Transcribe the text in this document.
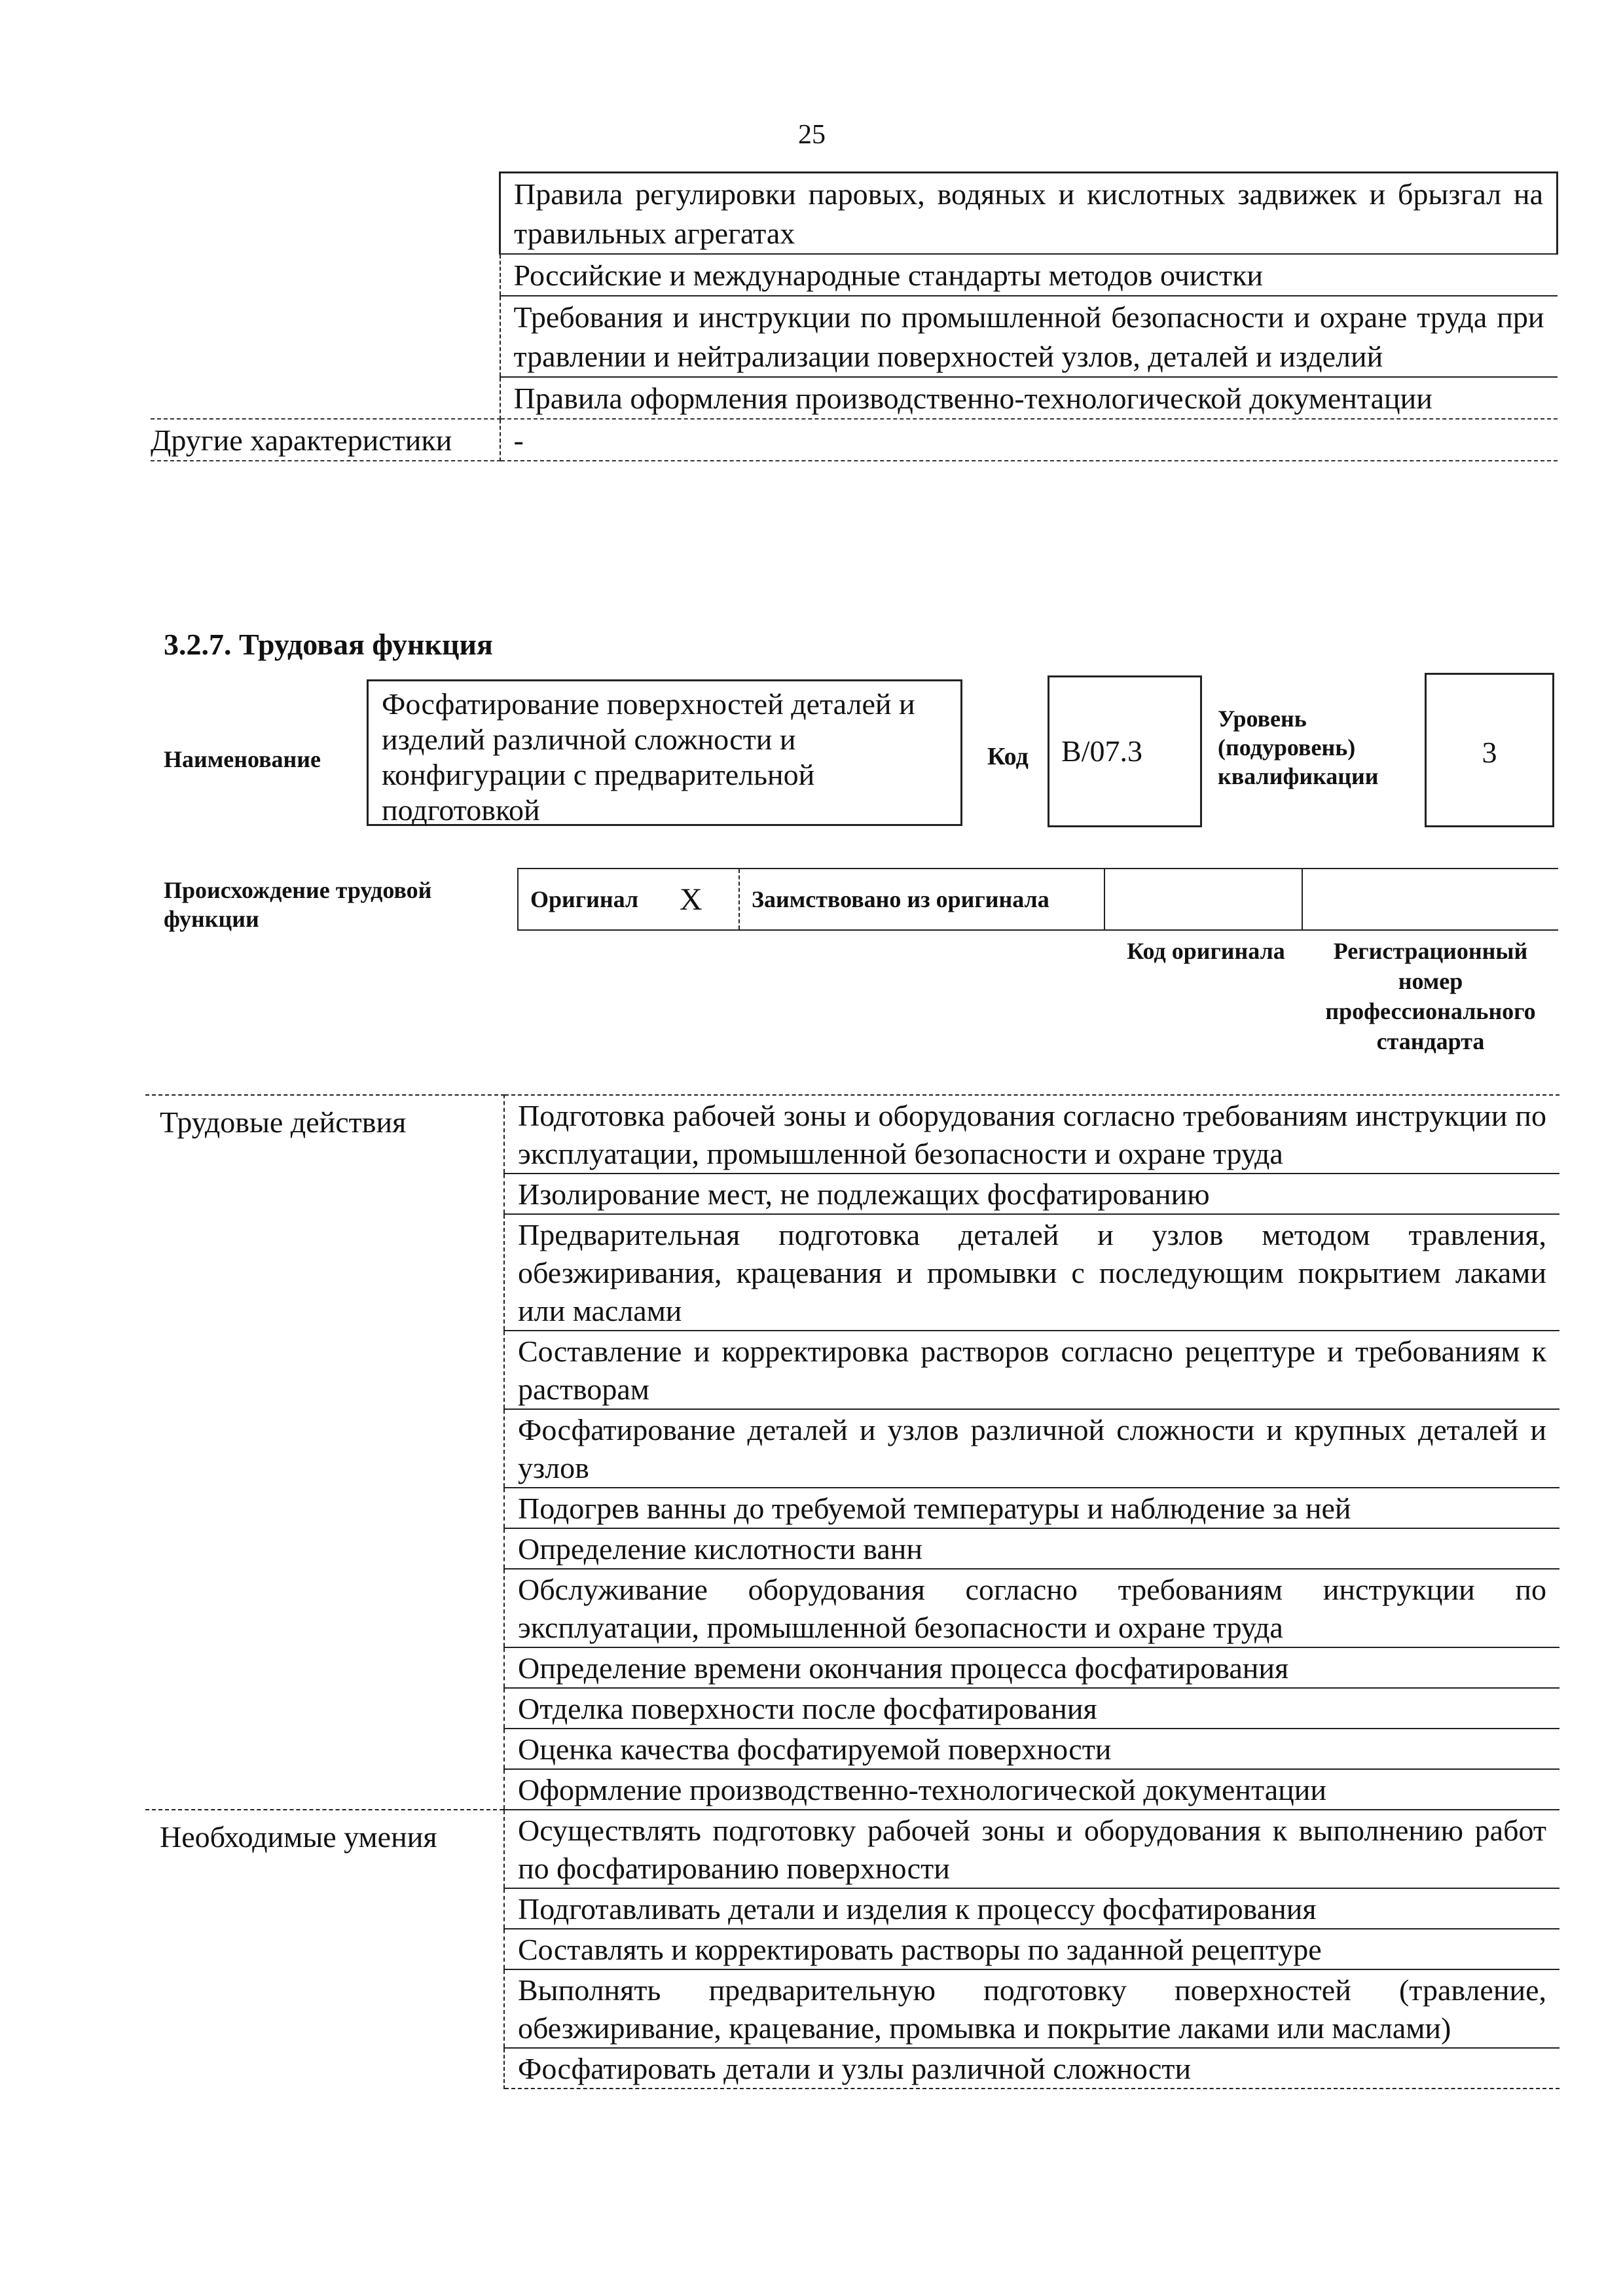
25
	Правила регулировки паровых, водяных и кислотных задвижек и брызгал на травильных агрегатах
	Российские и международные стандарты методов очистки
	Требования и инструкции по промышленной безопасности и охране труда при травлении и нейтрализации поверхностей узлов, деталей и изделий
	Правила оформления производственно-технологической документации
Другие характеристики	-
3.2.7. Трудовая функция
Наименование
Фосфатирование поверхностей деталей и изделий различной сложности и конфигурации с предварительной подготовкой
Код	B/07.3
Уровень (подуровень) квалификации
3
Происхождение трудовой функции
Оригинал	X	Заимствовано из оригинала		
Код оригинала	Регистрационный номер профессионального стандарта
Трудовые действия	Подготовка рабочей зоны и оборудования согласно требованиям инструкции по эксплуатации, промышленной безопасности и охране труда
	Изолирование мест, не подлежащих фосфатированию
	Предварительная подготовка деталей и узлов методом травления, обезжиривания, крацевания и промывки с последующим покрытием лаками или маслами
	Составление и корректировка растворов согласно рецептуре и требованиям к растворам
	Фосфатирование деталей и узлов различной сложности и крупных деталей и узлов
	Подогрев ванны до требуемой температуры и наблюдение за ней
	Определение кислотности ванн
	Обслуживание оборудования согласно требованиям инструкции по эксплуатации, промышленной безопасности и охране труда
	Определение времени окончания процесса фосфатирования
	Отделка поверхности после фосфатирования
	Оценка качества фосфатируемой поверхности
	Оформление производственно-технологической документации
Необходимые умения	Осуществлять подготовку рабочей зоны и оборудования к выполнению работ по фосфатированию поверхности
	Подготавливать детали и изделия к процессу фосфатирования
	Составлять и корректировать растворы по заданной рецептуре
	Выполнять предварительную подготовку поверхностей (травление, обезжиривание, крацевание, промывка и покрытие лаками или маслами)
	Фосфатировать детали и узлы различной сложности
